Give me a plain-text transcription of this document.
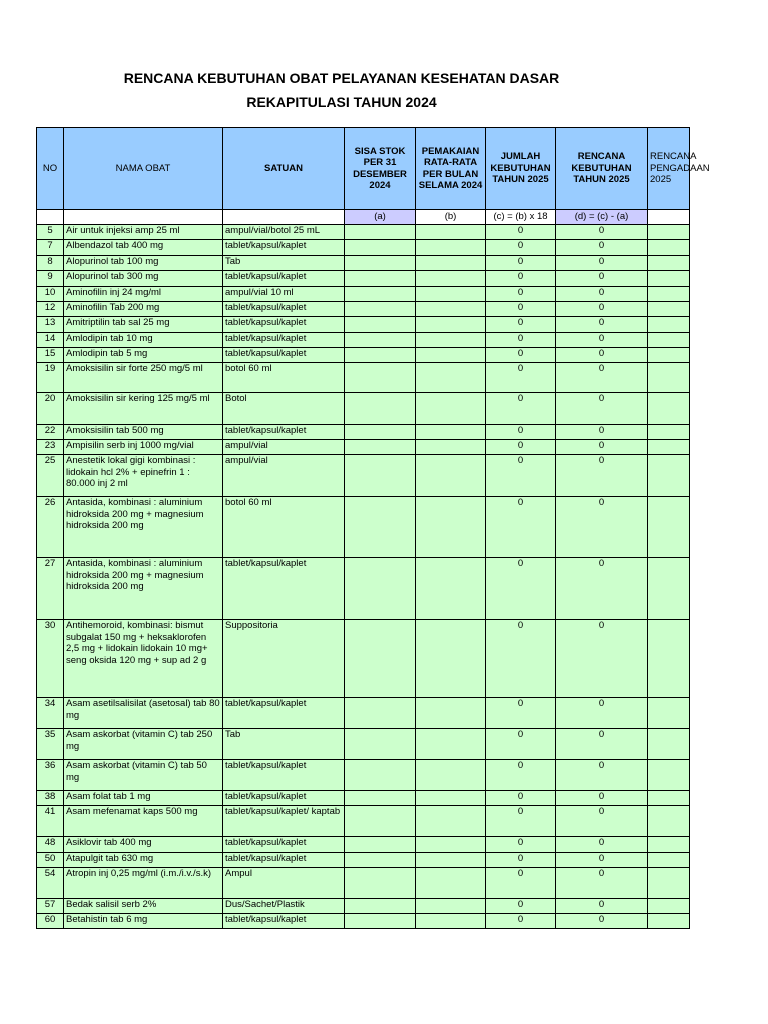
RENCANA KEBUTUHAN OBAT PELAYANAN KESEHATAN DASAR
REKAPITULASI TAHUN 2024
NO	NAMA OBAT	SATUAN	SISA STOK PER 31 DESEMBER 2024	PEMAKAIAN RATA-RATA PER BULAN SELAMA 2024	JUMLAH KEBUTUHAN TAHUN 2025	RENCANA KEBUTUHAN TAHUN 2025	RENCANA PENGADAAN 2025
			(a)	(b)	(c) = (b) x 18	(d) = (c) - (a)	
5	Air untuk injeksi amp 25 ml	ampul/vial/botol 25 mL			0	0	
7	Albendazol tab 400 mg	tablet/kapsul/kaplet			0	0	
8	Alopurinol tab 100 mg	Tab			0	0	
9	Alopurinol tab 300 mg	tablet/kapsul/kaplet			0	0	
10	Aminofilin inj 24 mg/ml	ampul/vial 10 ml			0	0	
12	Aminofilin Tab 200 mg	tablet/kapsul/kaplet			0	0	
13	Amitriptilin tab sal 25 mg	tablet/kapsul/kaplet			0	0	
14	Amlodipin tab 10 mg	tablet/kapsul/kaplet			0	0	
15	Amlodipin tab 5 mg	tablet/kapsul/kaplet			0	0	
19	Amoksisilin sir forte 250 mg/5 ml	botol 60 ml			0	0	
20	Amoksisilin sir kering 125 mg/5 ml	Botol			0	0	
22	Amoksisilin tab 500 mg	tablet/kapsul/kaplet			0	0	
23	Ampisilin serb inj 1000 mg/vial	ampul/vial			0	0	
25	Anestetik lokal gigi kombinasi : lidokain hcl 2% + epinefrin 1 : 80.000 inj 2 ml	ampul/vial			0	0	
26	Antasida, kombinasi : aluminium hidroksida 200 mg + magnesium hidroksida 200 mg	botol 60 ml			0	0	
27	Antasida, kombinasi : aluminium hidroksida 200 mg + magnesium hidroksida 200 mg	tablet/kapsul/kaplet			0	0	
30	Antihemoroid, kombinasi: bismut subgalat 150 mg + heksaklorofen 2,5 mg + lidokain lidokain 10 mg+ seng oksida 120 mg + sup ad 2 g	Suppositoria			0	0	
34	Asam asetilsalisilat (asetosal) tab 80 mg	tablet/kapsul/kaplet			0	0	
35	Asam askorbat (vitamin C) tab 250 mg	Tab			0	0	
36	Asam askorbat (vitamin C) tab 50 mg	tablet/kapsul/kaplet			0	0	
38	Asam folat tab 1 mg	tablet/kapsul/kaplet			0	0	
41	Asam mefenamat kaps 500 mg	tablet/kapsul/kaplet/ kaptab			0	0	
48	Asiklovir tab 400 mg	tablet/kapsul/kaplet			0	0	
50	Atapulgit tab 630 mg	tablet/kapsul/kaplet			0	0	
54	Atropin inj 0,25 mg/ml (i.m./i.v./s.k)	Ampul			0	0	
57	Bedak salisil serb 2%	Dus/Sachet/Plastik			0	0	
60	Betahistin tab 6 mg	tablet/kapsul/kaplet			0	0	
